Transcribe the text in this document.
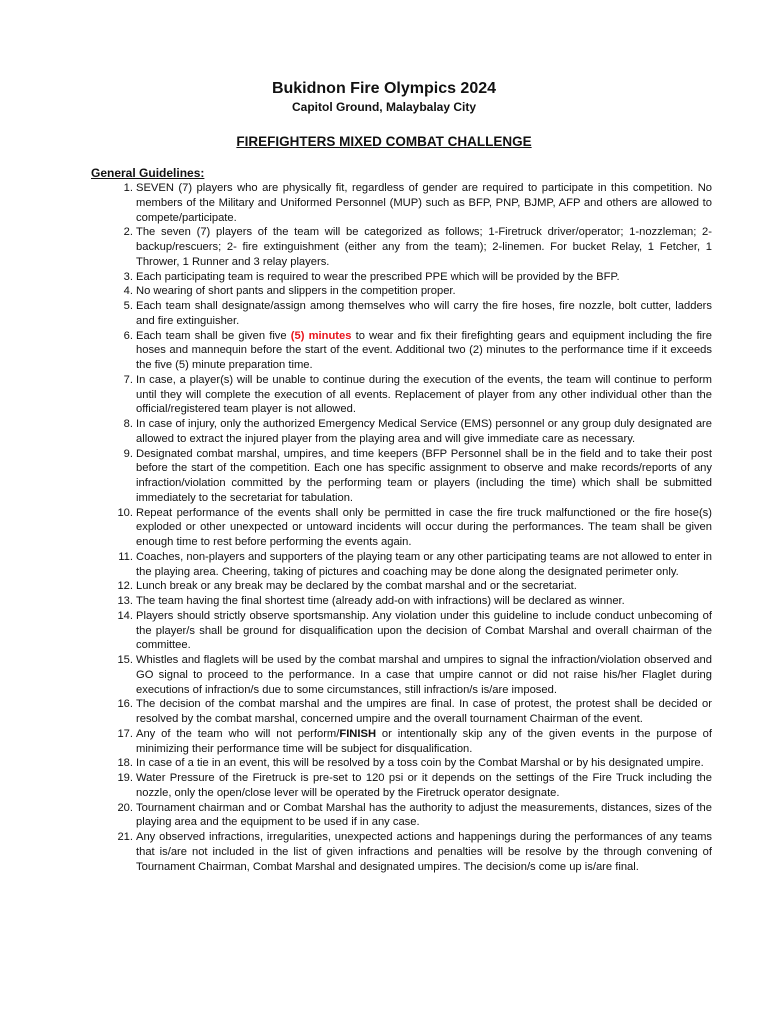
Bukidnon Fire Olympics 2024
Capitol Ground, Malaybalay City
FIREFIGHTERS MIXED COMBAT CHALLENGE
General Guidelines:
1. SEVEN (7) players who are physically fit, regardless of gender are required to participate in this competition. No members of the Military and Uniformed Personnel (MUP) such as BFP, PNP, BJMP, AFP and others are allowed to compete/participate.
2. The seven (7) players of the team will be categorized as follows; 1-Firetruck driver/operator; 1-nozzleman; 2-backup/rescuers; 2- fire extinguishment (either any from the team); 2-linemen. For bucket Relay, 1 Fetcher, 1 Thrower, 1 Runner and 3 relay players.
3. Each participating team is required to wear the prescribed PPE which will be provided by the BFP.
4. No wearing of short pants and slippers in the competition proper.
5. Each team shall designate/assign among themselves who will carry the fire hoses, fire nozzle, bolt cutter, ladders and fire extinguisher.
6. Each team shall be given five (5) minutes to wear and fix their firefighting gears and equipment including the fire hoses and mannequin before the start of the event. Additional two (2) minutes to the performance time if it exceeds the five (5) minute preparation time.
7. In case, a player(s) will be unable to continue during the execution of the events, the team will continue to perform until they will complete the execution of all events. Replacement of player from any other individual other than the official/registered team player is not allowed.
8. In case of injury, only the authorized Emergency Medical Service (EMS) personnel or any group duly designated are allowed to extract the injured player from the playing area and will give immediate care as necessary.
9. Designated combat marshal, umpires, and time keepers (BFP Personnel shall be in the field and to take their post before the start of the competition. Each one has specific assignment to observe and make records/reports of any infraction/violation committed by the performing team or players (including the time) which shall be submitted immediately to the secretariat for tabulation.
10. Repeat performance of the events shall only be permitted in case the fire truck malfunctioned or the fire hose(s) exploded or other unexpected or untoward incidents will occur during the performances. The team shall be given enough time to rest before performing the events again.
11. Coaches, non-players and supporters of the playing team or any other participating teams are not allowed to enter in the playing area. Cheering, taking of pictures and coaching may be done along the designated perimeter only.
12. Lunch break or any break may be declared by the combat marshal and or the secretariat.
13. The team having the final shortest time (already add-on with infractions) will be declared as winner.
14. Players should strictly observe sportsmanship. Any violation under this guideline to include conduct unbecoming of the player/s shall be ground for disqualification upon the decision of Combat Marshal and overall chairman of the committee.
15. Whistles and flaglets will be used by the combat marshal and umpires to signal the infraction/violation observed and GO signal to proceed to the performance. In a case that umpire cannot or did not raise his/her Flaglet during executions of infraction/s due to some circumstances, still infraction/s is/are imposed.
16. The decision of the combat marshal and the umpires are final. In case of protest, the protest shall be decided or resolved by the combat marshal, concerned umpire and the overall tournament Chairman of the event.
17. Any of the team who will not perform/FINISH or intentionally skip any of the given events in the purpose of minimizing their performance time will be subject for disqualification.
18. In case of a tie in an event, this will be resolved by a toss coin by the Combat Marshal or by his designated umpire.
19. Water Pressure of the Firetruck is pre-set to 120 psi or it depends on the settings of the Fire Truck including the nozzle, only the open/close lever will be operated by the Firetruck operator designate.
20. Tournament chairman and or Combat Marshal has the authority to adjust the measurements, distances, sizes of the playing area and the equipment to be used if in any case.
21. Any observed infractions, irregularities, unexpected actions and happenings during the performances of any teams that is/are not included in the list of given infractions and penalties will be resolve by the through convening of Tournament Chairman, Combat Marshal and designated umpires. The decision/s come up is/are final.
